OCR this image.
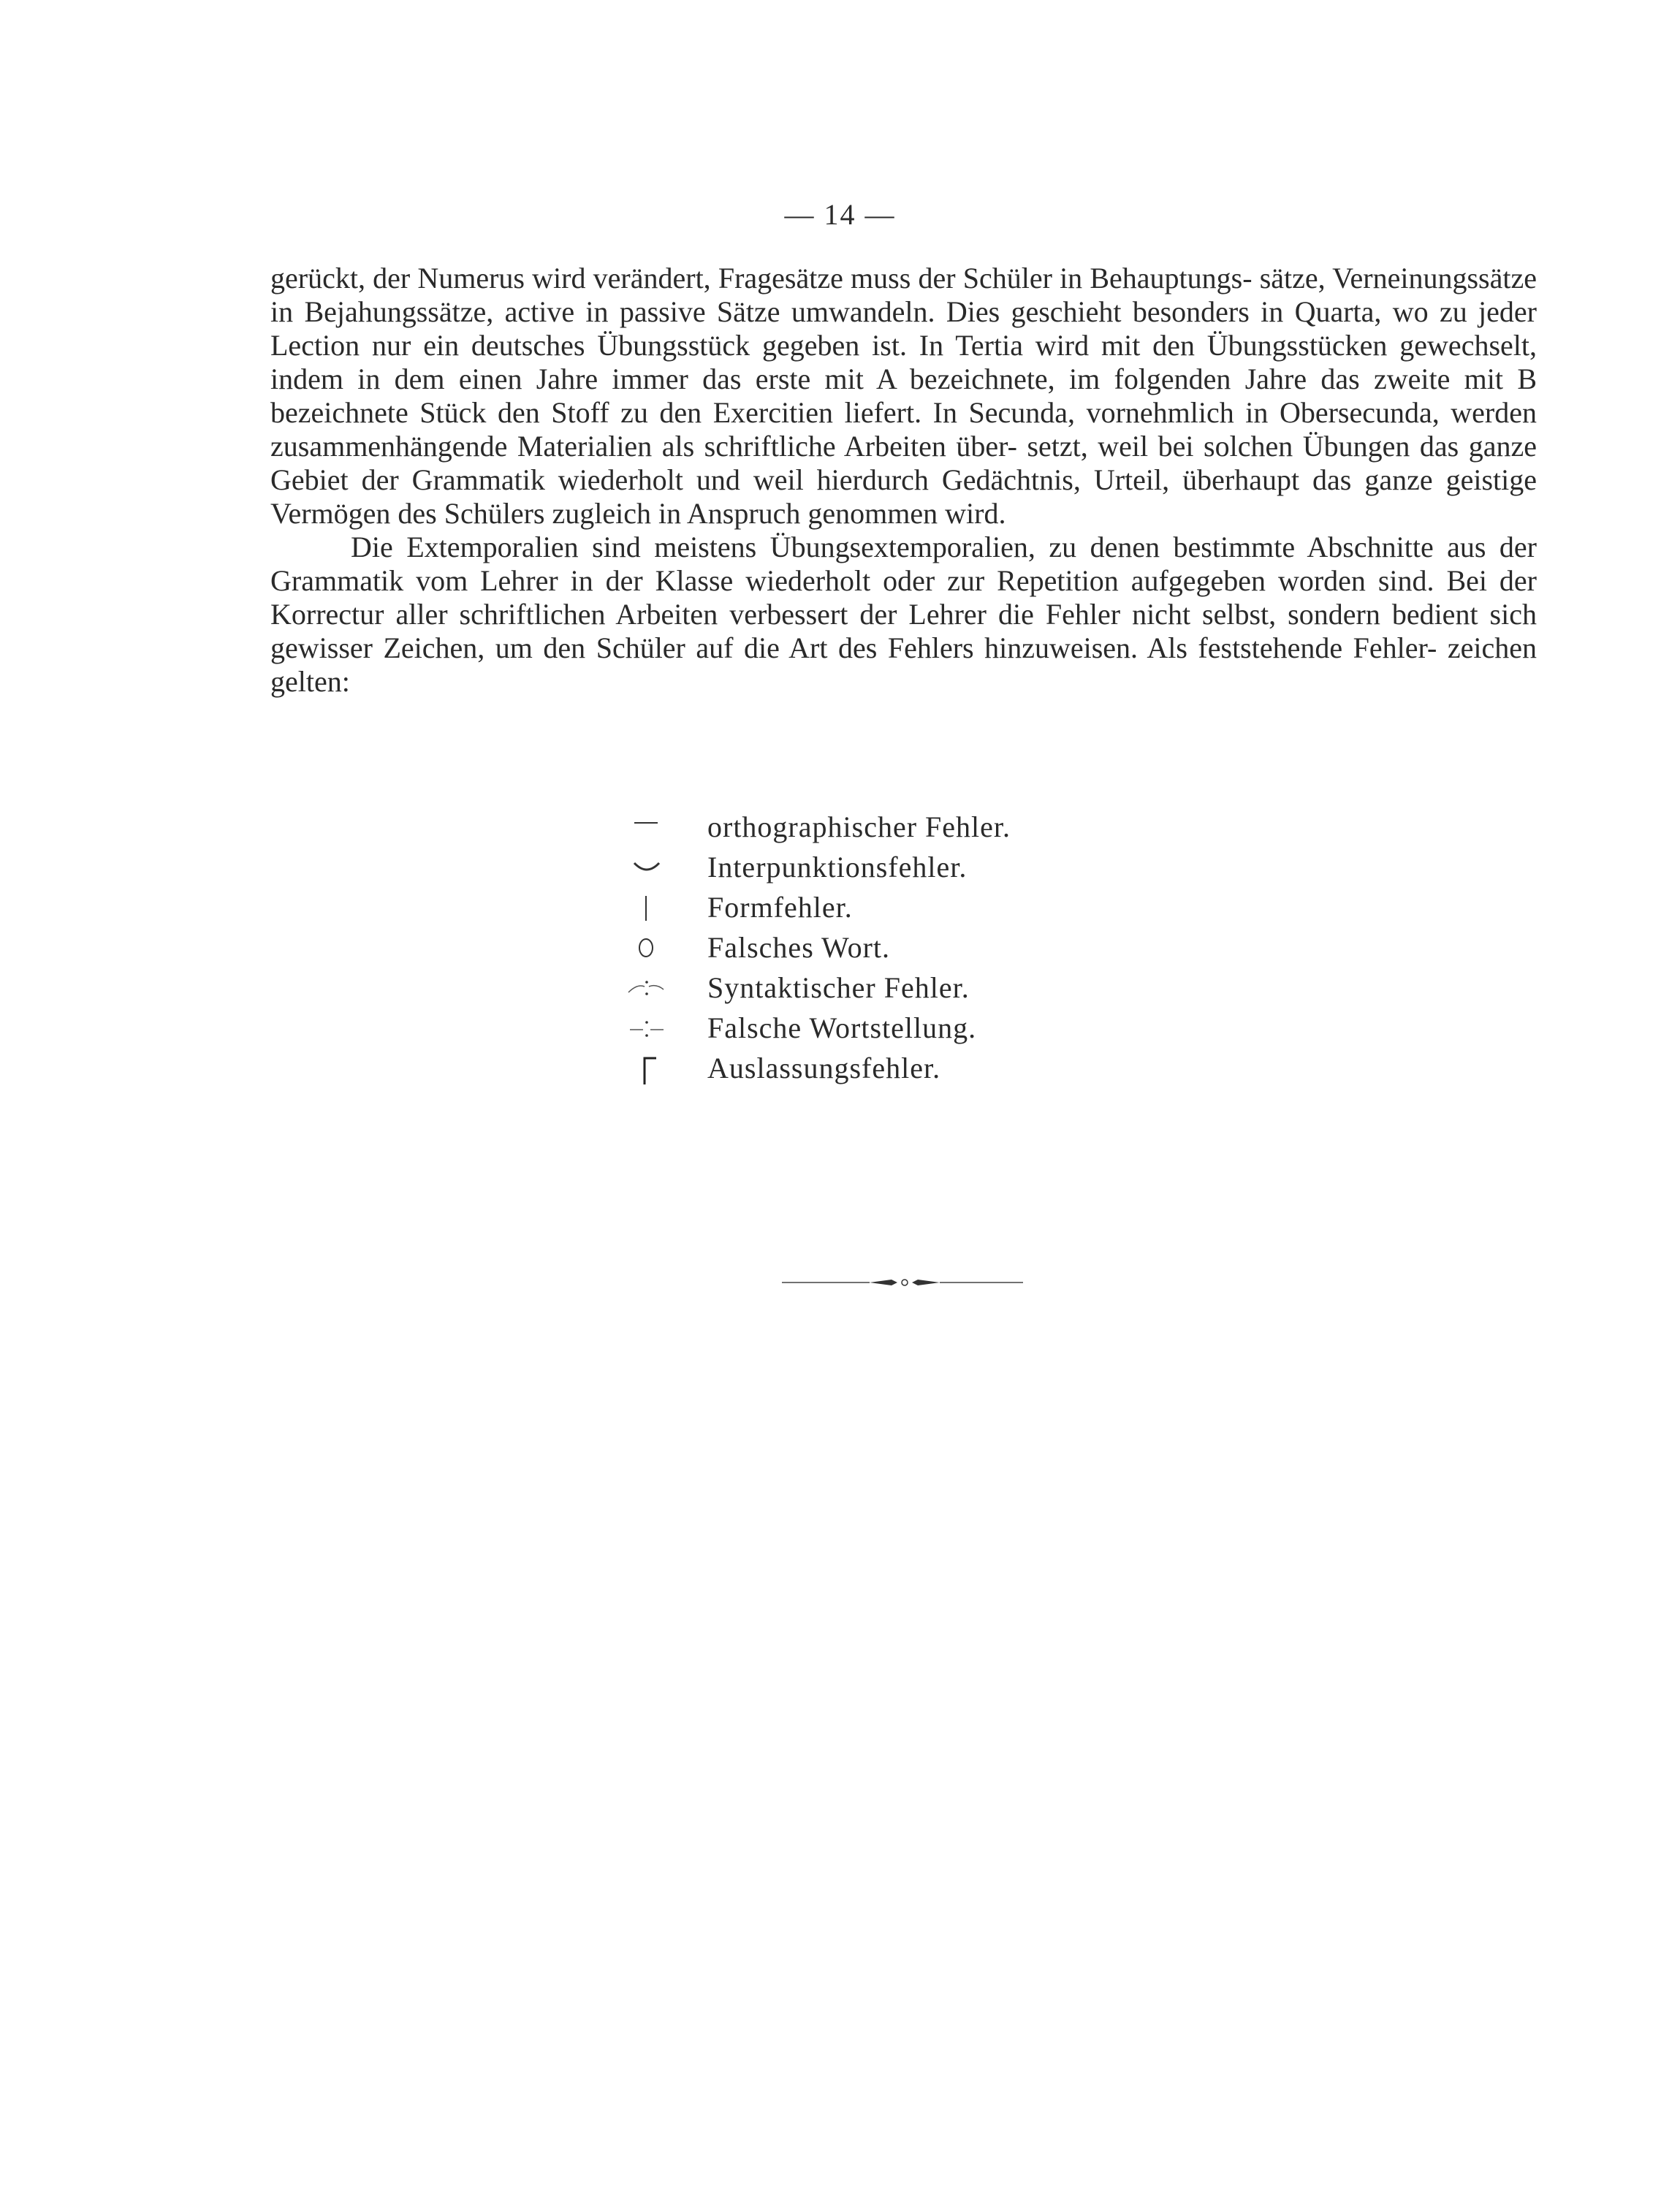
— 14 —

gerückt, der Numerus wird verändert, Fragesätze muss der Schüler in Behauptungs- sätze, Verneinungssätze in Bejahungssätze, active in passive Sätze umwandeln. Dies geschieht besonders in Quarta, wo zu jeder Lection nur ein deutsches Übungsstück gegeben ist. In Tertia wird mit den Übungsstücken gewechselt, indem in dem einen Jahre immer das erste mit A bezeichnete, im folgenden Jahre das zweite mit B bezeichnete Stück den Stoff zu den Exercitien liefert. In Secunda, vornehmlich in Obersecunda, werden zusammenhängende Materialien als schriftliche Arbeiten über- setzt, weil bei solchen Übungen das ganze Gebiet der Grammatik wiederholt und weil hierdurch Gedächtnis, Urteil, überhaupt das ganze geistige Vermögen des Schülers zugleich in Anspruch genommen wird.

Die Extemporalien sind meistens Übungsextemporalien, zu denen bestimmte Abschnitte aus der Grammatik vom Lehrer in der Klasse wiederholt oder zur Repetition aufgegeben worden sind. Bei der Korrectur aller schriftlichen Arbeiten verbessert der Lehrer die Fehler nicht selbst, sondern bedient sich gewisser Zeichen, um den Schüler auf die Art des Fehlers hinzuweisen. Als feststehende Fehler- zeichen gelten:

orthographischer Fehler.
Interpunktionsfehler.
Formfehler.
Falsches Wort.
Syntaktischer Fehler.
Falsche Wortstellung.
Auslassungsfehler.
